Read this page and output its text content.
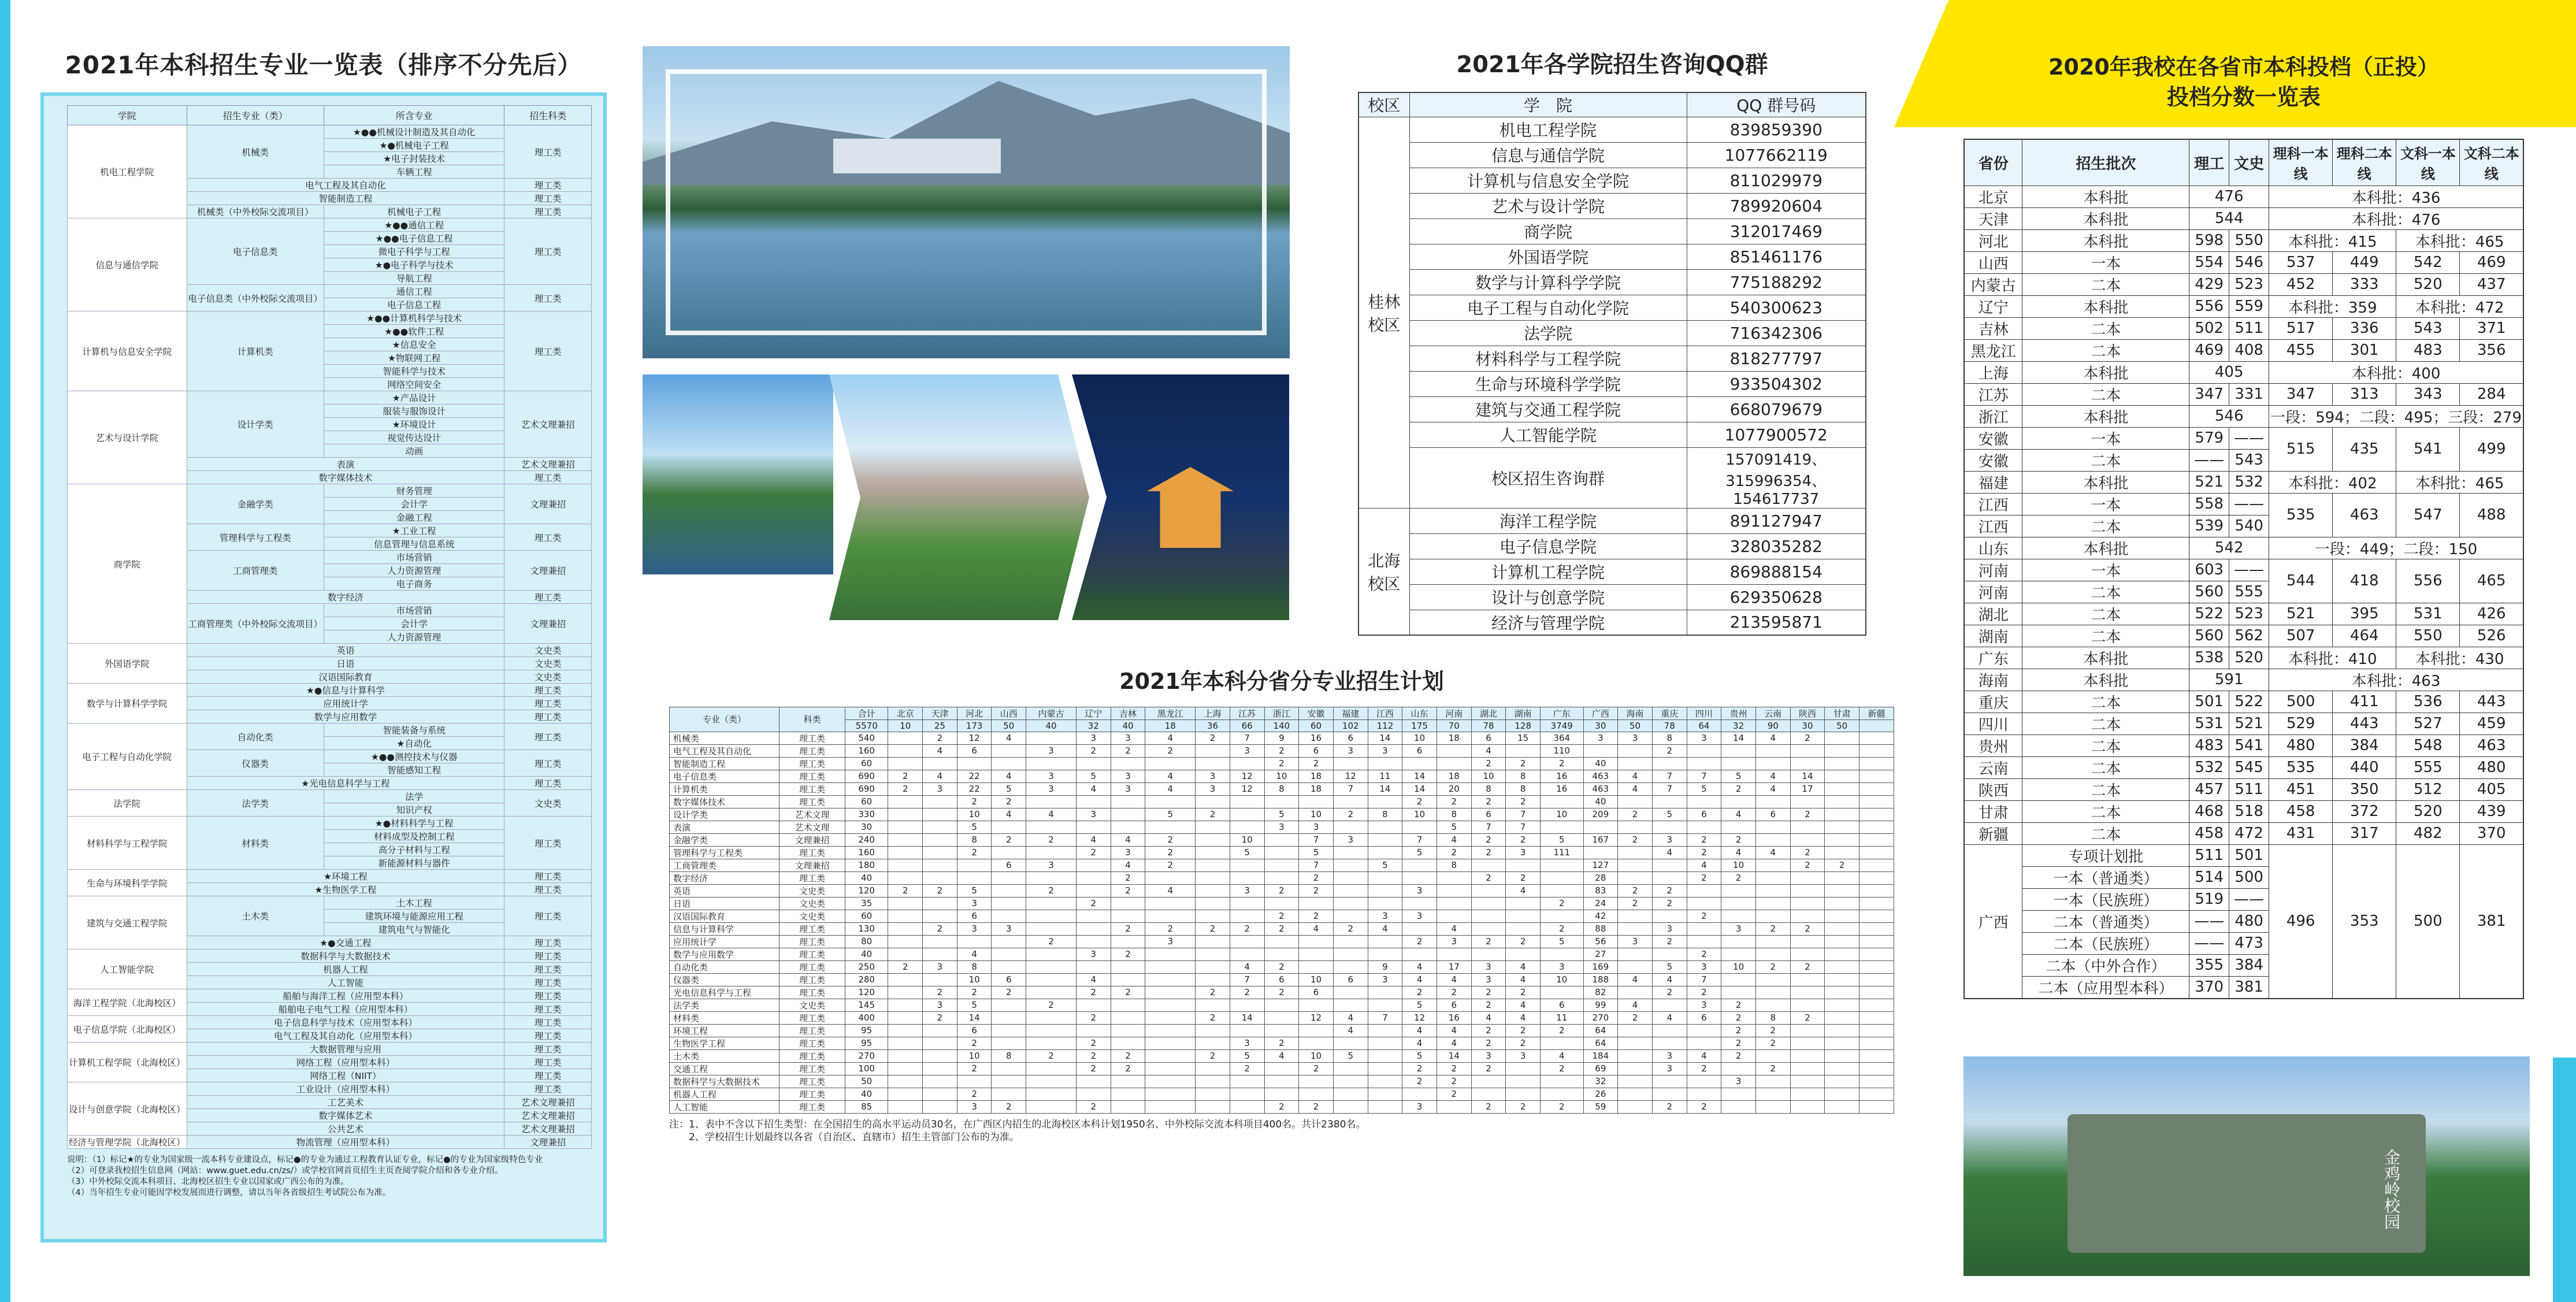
2021年本科招生专业一览表（排序不分先后）
学院	招生专业（类）	所含专业	招生科类
机电工程学院	机械类	★●●机械设计制造及其自动化	理工类
		★●机械电子工程	
		★电子封装技术	
		车辆工程	
	电气工程及其自动化		理工类
	智能制造工程		理工类
	机械类（中外校际交流项目）	机械电子工程	理工类
信息与通信学院	电子信息类	★●●通信工程	理工类
		★●●电子信息工程	
		微电子科学与工程	
		★●电子科学与技术	
		导航工程	
	电子信息类（中外校际交流项目）	通信工程	理工类
		电子信息工程	
计算机与信息安全学院	计算机类	★●●计算机科学与技术	理工类
		★●●软件工程	
		★信息安全	
		★物联网工程	
		智能科学与技术	
		网络空间安全	
艺术与设计学院	设计学类	★产品设计	艺术文理兼招
		服装与服饰设计	
		★环境设计	
		视觉传达设计	
		动画	
	表演		艺术文理兼招
	数字媒体技术		理工类
商学院	金融学类	财务管理	文理兼招
		会计学	
		金融工程	
	管理科学与工程类	★工业工程	理工类
		信息管理与信息系统	
	工商管理类	市场营销	文理兼招
		人力资源管理	
		电子商务	
	数字经济		理工类
	工商管理类（中外校际交流项目）	市场营销	文理兼招
		会计学	
		人力资源管理	
外国语学院	英语		文史类
	日语		文史类
	汉语国际教育		文史类
数学与计算科学学院	★●信息与计算科学		理工类
	应用统计学		理工类
	数学与应用数学		理工类
电子工程与自动化学院	自动化类	智能装备与系统	理工类
		★自动化	
	仪器类	★●●测控技术与仪器	理工类
		智能感知工程	
	★光电信息科学与工程		理工类
法学院	法学类	法学	文史类
		知识产权	
材料科学与工程学院	材料类	★●材料科学与工程	理工类
		材料成型及控制工程	
		高分子材料与工程	
		新能源材料与器件	
生命与环境科学学院	★环境工程		理工类
	★生物医学工程		理工类
建筑与交通工程学院	土木类	土木工程	理工类
		建筑环境与能源应用工程	
		建筑电气与智能化	
	★●交通工程		理工类
人工智能学院	数据科学与大数据技术		理工类
	机器人工程		理工类
	人工智能		理工类
海洋工程学院（北海校区）	船舶与海洋工程（应用型本科）		理工类
	船舶电子电气工程（应用型本科）		理工类
电子信息学院（北海校区）	电子信息科学与技术（应用型本科）		理工类
	电气工程及其自动化（应用型本科）		理工类
计算机工程学院（北海校区）	大数据管理与应用		理工类
	网络工程（应用型本科）		理工类
	网络工程（NIIT）		理工类
设计与创意学院（北海校区）	工业设计（应用型本科）		理工类
	工艺美术		艺术文理兼招
	数字媒体艺术		艺术文理兼招
	公共艺术		艺术文理兼招
经济与管理学院（北海校区）	物流管理（应用型本科）		文理兼招
说明：（1）标记★的专业为国家级一流本科专业建设点，标记●的专业为通过工程教育认证专业，标记●的专业为国家级特色专业
（2）可登录我校招生信息网（网站：www.guet.edu.cn/zs/）或学校官网首页招生主页查阅学院介绍和各专业介绍。
（3）中外校际交流本科项目、北海校区招生专业以国家或广西公布的为准。
（4）当年招生专业可能因学校发展而进行调整，请以当年各省级招生考试院公布为准。	金鸡岭校园
2021年各学院招生咨询QQ群
校区	学　院	QQ 群号码
桂林校区	机电工程学院	839859390
	信息与通信学院	1077662119
	计算机与信息安全学院	811029979
	艺术与设计学院	789920604
	商学院	312017469
	外国语学院	851461176
	数学与计算科学学院	775188292
	电子工程与自动化学院	540300623
	法学院	716342306
	材料科学与工程学院	818277797
	生命与环境科学学院	933504302
	建筑与交通工程学院	668079679
	人工智能学院	1077900572
	校区招生咨询群	157091419、315996354、154617737
北海校区	海洋工程学院	891127947
	电子信息学院	328035282
	计算机工程学院	869888154
	设计与创意学院	629350628
	经济与管理学院	213595871
2021年本科分省分专业招生计划
专业（类）	科类	合计	北京	天津	河北	山西	内蒙古	辽宁	吉林	黑龙江	上海	江苏	浙江	安徽	福建	江西	山东	河南	湖北	湖南	广东	广西	海南	重庆	四川	贵州	云南	陕西	甘肃	新疆
		5570	10	25	173	50	40	32	40	18	36	66	140	60	102	112	175	70	78	128	3749	30	50	78	64	32	90	30	50	
机械类	理工类	540		2	12	4		3	3	4	2	7	9	16	6	14	10	18	6	15	364	3	3	8	3	14	4	2		
电气工程及其自动化	理工类	160		4	6		3	2	2	2		3	2	6	3	3	6		4		110			2						
智能制造工程	理工类	60											2	2					2	2	2	40								
电子信息类	理工类	690	2	4	22	4	3	5	3	4	3	12	10	18	12	11	14	18	10	8	16	463	4	7	7	5	4	14		
计算机类	理工类	690	2	3	22	5	3	4	3	4	3	12	8	18	7	14	14	20	8	8	16	463	4	7	5	2	4	17		
数字媒体技术	理工类	60			2	2											2	2	2	2		40								
设计学类	艺术文理	330			10	4	4	3		5	2		5	10	2	8	10	8	6	7	10	209	2	5	6	4	6	2		
表演	艺术文理	30			5								3	3				5	7	7										
金融学类	文理兼招	240			8	2	2	4	4	2		10		7	3		7	4	2	2	5	167	2	3	2	2				
管理科学与工程类	理工类	160			2			2	3	2		5		5			5	2	2	3	111			4	2	4	4	2		
工商管理类	文理兼招	180				6	3		4	2				7		5		8				127			4	10		2	2	
数字经济	理工类	40							2					2					2	2		28			2	2				
英语	文史类	120	2	2	5		2		2	4		3	2	2			3			4		83	2	2						
日语	文史类	35			3			2													2	24	2	2						
汉语国际教育	文史类	60			6								2	2		3	3					42			2					
信息与计算科学	理工类	130		2	3	3			2	2	2	2	2	4	2	4		4			2	88		3		3	2	2		
应用统计学	理工类	80					2			3							2	3	2	2	5	56	3	2						
数学与应用数学	理工类	40			4			3	2													27			2					
自动化类	理工类	250	2	3	8							4	2			9	4	17	3	4	3	169		5	3	10	2	2		
仪器类	理工类	280			10	6		4				7	6	10	6	3	4	4	3	4	10	188	4	4	7					
光电信息科学与工程	理工类	120		2	2	2		2	2		2	2	2	6			2	2	2	2		82		2	2					
法学类	文史类	145		3	5		2										5	6	2	4	6	99	4		3	2				
材料类	理工类	400		2	14			2			2	14		12	4	7	12	16	4	4	11	270	2	4	6	2	8	2		
环境工程	理工类	95			6										4		4	4	2	2	2	64				2	2			
生物医学工程	理工类	95			2			2				3	2				4	4	2	2		64				2	2			
土木类	理工类	270			10	8	2	2	2		2	5	4	10	5		5	14	3	3	4	184		3	4	2				
交通工程	理工类	100			2			2	2			2		2			2	2	2		2	69		3	2		2			
数据科学与大数据技术	理工类	50															2	2				32				3				
机器人工程	理工类	40			2													2				26								
人工智能	理工类	85			3	2		2					2	2			3		2	2	2	59		2	2					
注：1、表中不含以下招生类型：在全国招生的高水平运动员30名，在广西区内招生的北海校区本科计划1950名、中外校际交流本科项目400名。共计2380名。
2、学校招生计划最终以各省（自治区、直辖市）招生主管部门公布的为准。
2020年我校在各省市本科投档（正投）
投档分数一览表
省份	招生批次	理工	文史	理科一本线	理科二本线	文科一本线	文科二本线
北京	本科批	476		本科批：436			
天津	本科批	544		本科批：476			
河北	本科批	598	550	本科批：415		本科批：465	
山西	一本	554	546	537	449	542	469
内蒙古	二本	429	523	452	333	520	437
辽宁	本科批	556	559	本科批：359		本科批：472	
吉林	二本	502	511	517	336	543	371
黑龙江	二本	469	408	455	301	483	356
上海	本科批	405		本科批：400			
江苏	二本	347	331	347	313	343	284
浙江	本科批	546		一段：594；二段：495；三段：279			
安徽	一本	579	——	515	435	541	499
安徽	二本	——	543				
福建	本科批	521	532	本科批：402		本科批：465	
江西	一本	558	——	535	463	547	488
江西	二本	539	540				
山东	本科批	542		一段：449；二段：150			
河南	一本	603	——	544	418	556	465
河南	二本	560	555				
湖北	二本	522	523	521	395	531	426
湖南	二本	560	562	507	464	550	526
广东	本科批	538	520	本科批：410		本科批：430	
海南	本科批	591		本科批：463			
重庆	二本	501	522	500	411	536	443
四川	二本	531	521	529	443	527	459
贵州	二本	483	541	480	384	548	463
云南	二本	532	545	535	440	555	480
陕西	二本	457	511	451	350	512	405
甘肃	二本	468	518	458	372	520	439
新疆	二本	458	472	431	317	482	370
广西	专项计划批	511	501	496	353	500	381
	一本（普通类）	514	500				
	一本（民族班）	519	——				
	二本（普通类）	——	480				
	二本（民族班）	——	473				
	二本（中外合作）	355	384				
	二本（应用型本科）	370	381				
